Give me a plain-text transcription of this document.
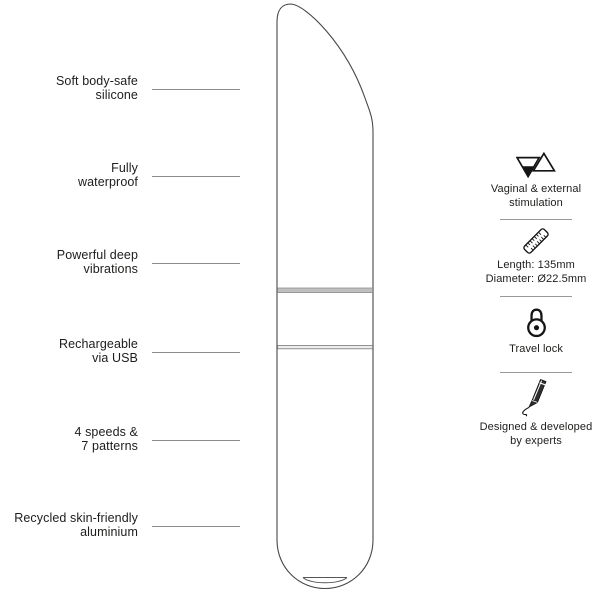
Soft body-safe
silicone
Fully
waterproof
Powerful deep
vibrations
Rechargeable
via USB
4 speeds &
7 patterns
Recycled skin-friendly
aluminium
Vaginal & external
stimulation
Length: 135mm
Diameter: Ø22.5mm
Travel lock
Designed & developed
by experts
